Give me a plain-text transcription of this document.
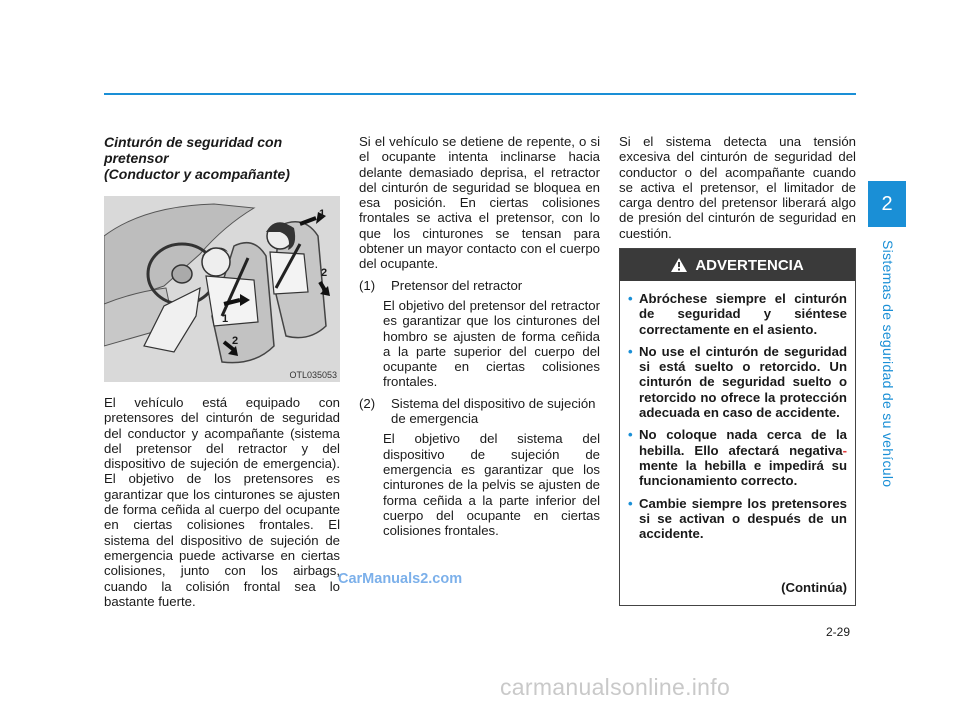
Cinturón de seguridad con
pretensor
(Conductor y acompañante)
1
2
1
2
OTL035053

El vehículo está equipado con pretensores del cinturón de seguridad del conductor y acompañante (sistema del pretensor del retractor y del dispositivo de sujeción de emergencia). El objetivo de los pretensores es garantizar que los cinturones se ajusten de forma ceñida al cuerpo del ocupante en ciertas colisiones frontales. El sistema del dispositivo de sujeción de emergencia puede activarse en ciertas colisiones, junto con los airbags, cuando la colisión frontal sea lo bastante fuerte.

Si el vehículo se detiene de repente, o si el ocupante intenta inclinarse hacia delante demasiado deprisa, el retractor del cinturón de seguridad se bloquea en esa posición. En ciertas colisiones frontales se activa el pretensor, con lo que los cinturones se tensan para obtener un mayor contacto con el cuerpo del ocupante.

(1)	Pretensor del retractor
El objetivo del pretensor del retractor es garantizar que los cinturones del hombro se ajusten de forma ceñida a la parte superior del cuerpo del ocupante en ciertas colisiones frontales.
(2)	Sistema del dispositivo de sujeción de emergencia
El objetivo del sistema del dispositivo de sujeción de emergencia es garantizar que los cinturones de la pelvis se ajusten de forma ceñida a la parte inferior del cuerpo del ocupante en ciertas colisiones frontales.

Si el sistema detecta una tensión excesiva del cinturón de seguridad del conductor o del acompañante cuando se activa el pretensor, el limitador de carga dentro del pretensor liberará algo de presión del cinturón de seguridad en cuestión.

ADVERTENCIA
• Abróchese siempre el cinturón de seguridad y siéntese correctamente en el asiento.
• No use el cinturón de seguridad si está suelto o retorcido. Un cinturón de seguridad suelto o retorcido no ofrece la protección adecuada en caso de accidente.
• No coloque nada cerca de la hebilla. Ello afectará negativa- mente la hebilla e impedirá su funcionamiento correcto.
• Cambie siempre los pretensores si se activan o después de un accidente.
(Continúa)
2
Sistemas de seguridad de su vehículo
2-29
CarManuals2.com
carmanualsonline.info
